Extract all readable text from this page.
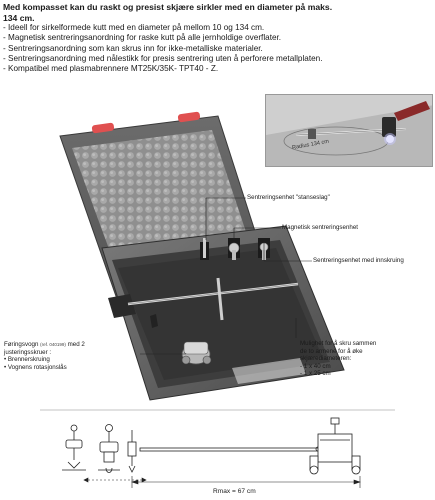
Med kompasset kan du raskt og presist skjære sirkler med en diameter på maks.
134 cm.
- Ideell for sirkelformede kutt med en diameter på mellom 10 og 134 cm.
- Magnetisk sentreringsanordning for raske kutt på alle jernholdige overflater.
- Sentreringsanordning som kan skrus inn for ikke-metalliske materialer.
- Sentreringsanordning med nålestikk for presis sentrering uten å perforere metallplaten.
- Kompatibel med plasmabrennere MT25K/35K- TPT40 - Z.
Radius 134 cm
Sentreringsenhet "stanseslag"
Magnetisk sentreringsenhet
Sentreringsenhet med innskruing
Føringsvogn (ref. 040199) med 2
justeringsskruer :
• Brennerskruing
• Vognens rotasjonslås
Mulighet for å skru sammen
de to armene for å øke
skjærediameteren:
- 1 x 40 cm
- 1 x 25 cm
Rmax = 67 cm
